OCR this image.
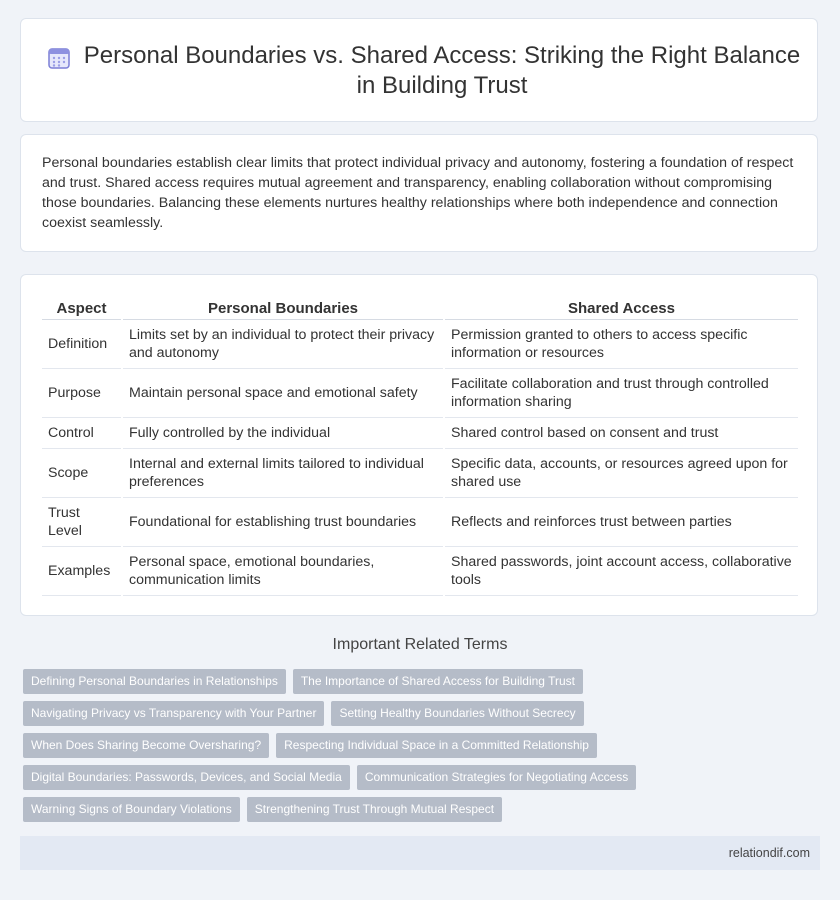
Personal Boundaries vs. Shared Access: Striking the Right Balance in Building Trust

Personal boundaries establish clear limits that protect individual privacy and autonomy, fostering a foundation of respect and trust. Shared access requires mutual agreement and transparency, enabling collaboration without compromising those boundaries. Balancing these elements nurtures healthy relationships where both independence and connection coexist seamlessly.

Aspect	Personal Boundaries	Shared Access
Definition	Limits set by an individual to protect their privacy and autonomy	Permission granted to others to access specific information or resources
Purpose	Maintain personal space and emotional safety	Facilitate collaboration and trust through controlled information sharing
Control	Fully controlled by the individual	Shared control based on consent and trust
Scope	Internal and external limits tailored to individual preferences	Specific data, accounts, or resources agreed upon for shared use
Trust Level	Foundational for establishing trust boundaries	Reflects and reinforces trust between parties
Examples	Personal space, emotional boundaries, communication limits	Shared passwords, joint account access, collaborative tools
Important Related Terms
Defining Personal Boundaries in Relationships The Importance of Shared Access for Building Trust
Navigating Privacy vs Transparency with Your Partner Setting Healthy Boundaries Without Secrecy
When Does Sharing Become Oversharing? Respecting Individual Space in a Committed Relationship
Digital Boundaries: Passwords, Devices, and Social Media Communication Strategies for Negotiating Access
Warning Signs of Boundary Violations Strengthening Trust Through Mutual Respect
relationdif.com
